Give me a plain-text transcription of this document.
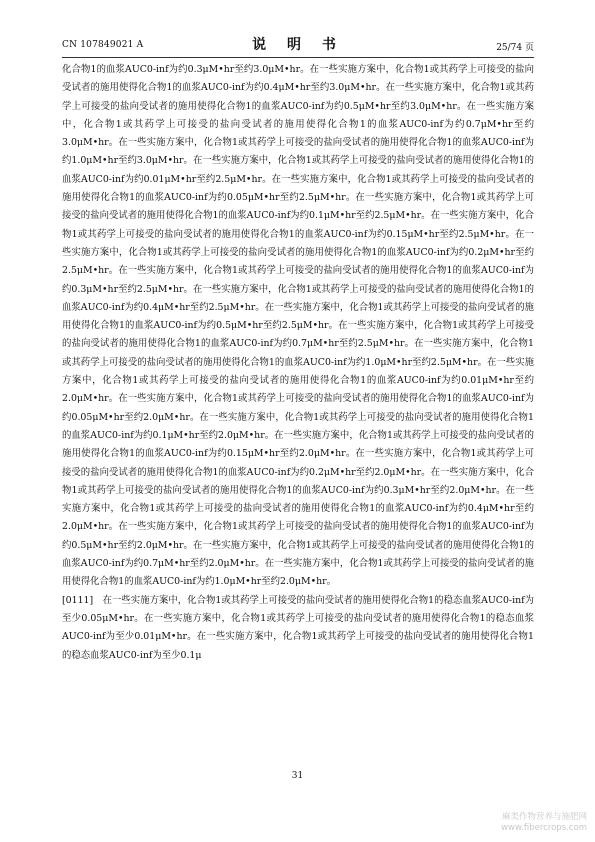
CN 107849021 A	说 明 书	25/74 页

化合物1的血浆AUC0-inf为约0.3μM•hr至约3.0μM•hr。在一些实施方案中，化合物1或其药学上可接受的盐向受试者的施用使得化合物1的血浆AUC0-inf为约0.4μM•hr至约3.0μM•hr。在一些实施方案中，化合物1或其药学上可接受的盐向受试者的施用使得化合物1的血浆AUC0-inf为约0.5μM•hr至约3.0μM•hr。在一些实施方案中，化合物1或其药学上可接受的盐向受试者的施用使得化合物1的血浆AUC0-inf为约0.7μM•hr至约3.0μM•hr。在一些实施方案中，化合物1或其药学上可接受的盐向受试者的施用使得化合物1的血浆AUC0-inf为约1.0μM•hr至约3.0μM•hr。在一些实施方案中，化合物1或其药学上可接受的盐向受试者的施用使得化合物1的血浆AUC0-inf为约0.01μM•hr至约2.5μM•hr。在一些实施方案中，化合物1或其药学上可接受的盐向受试者的施用使得化合物1的血浆AUC0-inf为约0.05μM•hr至约2.5μM•hr。在一些实施方案中，化合物1或其药学上可接受的盐向受试者的施用使得化合物1的血浆AUC0-inf为约0.1μM•hr至约2.5μM•hr。在一些实施方案中，化合物1或其药学上可接受的盐向受试者的施用使得化合物1的血浆AUC0-inf为约0.15μM•hr至约2.5μM•hr。在一些实施方案中，化合物1或其药学上可接受的盐向受试者的施用使得化合物1的血浆AUC0-inf为约0.2μM•hr至约2.5μM•hr。在一些实施方案中，化合物1或其药学上可接受的盐向受试者的施用使得化合物1的血浆AUC0-inf为约0.3μM•hr至约2.5μM•hr。在一些实施方案中，化合物1或其药学上可接受的盐向受试者的施用使得化合物1的血浆AUC0-inf为约0.4μM•hr至约2.5μM•hr。在一些实施方案中，化合物1或其药学上可接受的盐向受试者的施用使得化合物1的血浆AUC0-inf为约0.5μM•hr至约2.5μM•hr。在一些实施方案中，化合物1或其药学上可接受的盐向受试者的施用使得化合物1的血浆AUC0-inf为约0.7μM•hr至约2.5μM•hr。在一些实施方案中，化合物1或其药学上可接受的盐向受试者的施用使得化合物1的血浆AUC0-inf为约1.0μM•hr至约2.5μM•hr。在一些实施方案中，化合物1或其药学上可接受的盐向受试者的施用使得化合物1的血浆AUC0-inf为约0.01μM•hr至约2.0μM•hr。在一些实施方案中，化合物1或其药学上可接受的盐向受试者的施用使得化合物1的血浆AUC0-inf为约0.05μM•hr至约2.0μM•hr。在一些实施方案中，化合物1或其药学上可接受的盐向受试者的施用使得化合物1的血浆AUC0-inf为约0.1μM•hr至约2.0μM•hr。在一些实施方案中，化合物1或其药学上可接受的盐向受试者的施用使得化合物1的血浆AUC0-inf为约0.15μM•hr至约2.0μM•hr。在一些实施方案中，化合物1或其药学上可接受的盐向受试者的施用使得化合物1的血浆AUC0-inf为约0.2μM•hr至约2.0μM•hr。在一些实施方案中，化合物1或其药学上可接受的盐向受试者的施用使得化合物1的血浆AUC0-inf为约0.3μM•hr至约2.0μM•hr。在一些实施方案中，化合物1或其药学上可接受的盐向受试者的施用使得化合物1的血浆AUC0-inf为约0.4μM•hr至约2.0μM•hr。在一些实施方案中，化合物1或其药学上可接受的盐向受试者的施用使得化合物1的血浆AUC0-inf为约0.5μM•hr至约2.0μM•hr。在一些实施方案中，化合物1或其药学上可接受的盐向受试者的施用使得化合物1的血浆AUC0-inf为约0.7μM•hr至约2.0μM•hr。在一些实施方案中，化合物1或其药学上可接受的盐向受试者的施用使得化合物1的血浆AUC0-inf为约1.0μM•hr至约2.0μM•hr。

[0111]　在一些实施方案中，化合物1或其药学上可接受的盐向受试者的施用使得化合物1的稳态血浆AUC0-inf为至少0.05μM•hr。在一些实施方案中，化合物1或其药学上可接受的盐向受试者的施用使得化合物1的稳态血浆AUC0-inf为至少0.01μM•hr。在一些实施方案中，化合物1或其药学上可接受的盐向受试者的施用使得化合物1的稳态血浆AUC0-inf为至少0.1μ

31
麻类作物营养与施肥网
www.fibercrops.com
